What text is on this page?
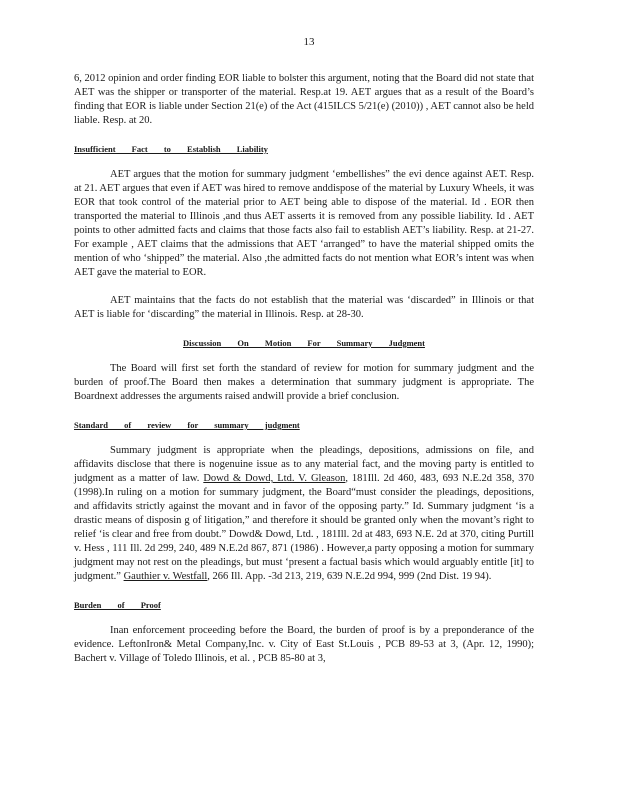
13

6, 2012 opinion and order finding EOR liable to bolster this argument, noting that the Board did not state that AET was the shipper or transporter of the material. Resp.at 19. AET argues that as a result of the Board’s finding that EOR is liable under Section 21(e) of the Act (415ILCS 5/21(e) (2010)) , AET cannot also be held liable. Resp. at 20.

Insufficient Fact to Establish Liability

AET argues that the motion for summary judgment ‘embellishes” the evi dence against AET. Resp. at 21. AET argues that even if AET was hired to remove anddispose of the material by Luxury Wheels, it was EOR that took control of the material prior to AET being able to dispose of the material. Id . EOR then transported the material to Illinois ,and thus AET asserts it is removed from any possible liability. Id . AET points to other admitted facts and claims that those facts also fail to establish AET’s liability. Resp. at 21-27. For example , AET claims that the admissions that AET ‘arranged” to have the material shipped omits the mention of who ‘shipped” the material. Also ,the admitted facts do not mention what EOR’s intent was when AET gave the material to EOR.

AET maintains that the facts do not establish that the material was ‘discarded” in Illinois or that AET is liable for ‘discarding” the material in Illinois. Resp. at 28-30.

Discussion On Motion For Summary Judgment

The Board will first set forth the standard of review for motion for summary judgment and the burden of proof.The Board then makes a determination that summary judgment is appropriate. The Boardnext addresses the arguments raised andwill provide a brief conclusion.

Standard of review for summary judgment

Summary judgment is appropriate when the pleadings, depositions, admissions on file, and affidavits disclose that there is nogenuine issue as to any material fact, and the moving party is entitled to judgment as a matter of law. Dowd & Dowd, Ltd. V. Gleason, 181Ill. 2d 460, 483, 693 N.E.2d 358, 370 (1998).In ruling on a motion for summary judgment, the Board“must consider the pleadings, depositions, and affidavits strictly against the movant and in favor of the opposing party.” Id. Summary judgment ‘is a drastic means of disposin g of litigation,” and therefore it should be granted only when the movant’s right to relief ‘is clear and free from doubt.” Dowd& Dowd, Ltd. , 181Ill. 2d at 483, 693 N.E. 2d at 370, citing Purtill v. Hess , 111 Ill. 2d 299, 240, 489 N.E.2d 867, 871 (1986) . However,a party opposing a motion for summary judgment may not rest on the pleadings, but must ‘present a factual basis which would arguably entitle [it] to judgment.” Gauthier v. Westfall, 266 Ill. App. -3d 213, 219, 639 N.E.2d 994, 999 (2nd Dist. 19 94).

Burden of Proof

Inan enforcement proceeding before the Board, the burden of proof is by a preponderance of the evidence. LeftonIron& Metal Company,Inc. v. City of East St.Louis , PCB 89-53 at 3, (Apr. 12, 1990); Bachert v. Village of Toledo Illinois, et al. , PCB 85-80 at 3,
